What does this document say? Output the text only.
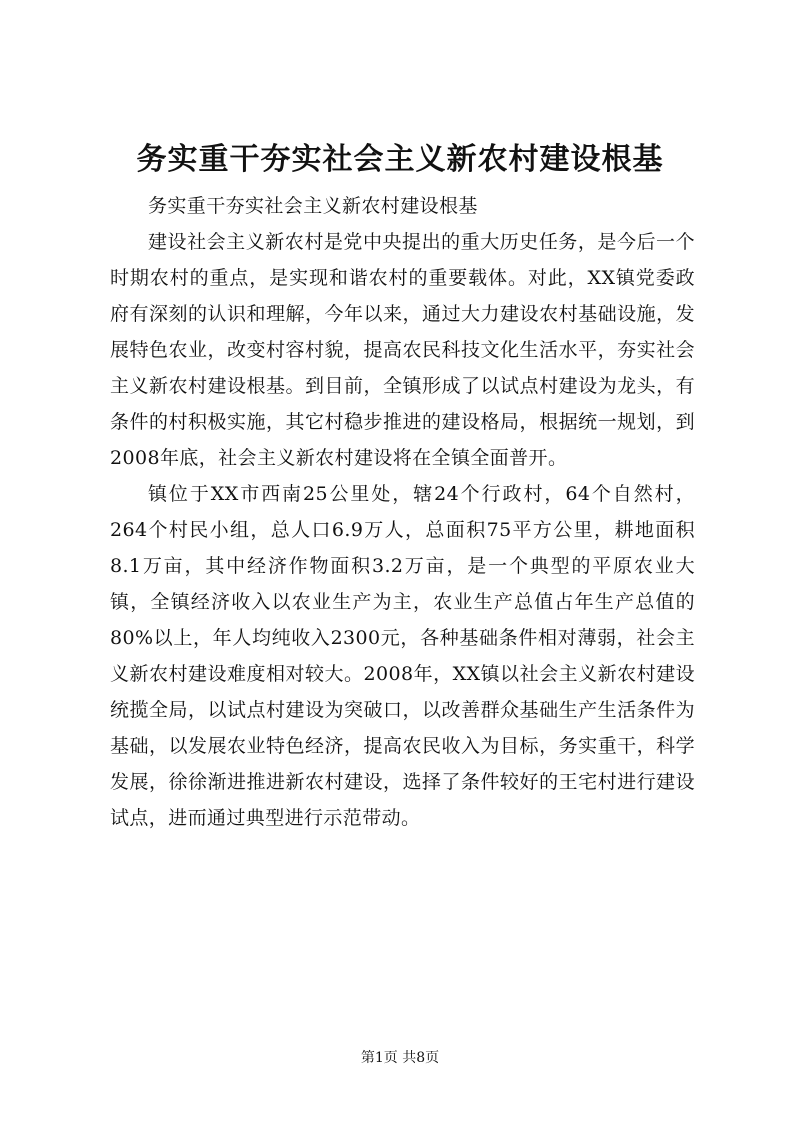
务实重干夯实社会主义新农村建设根基

务实重干夯实社会主义新农村建设根基

建设社会主义新农村是党中央提出的重大历史任务，是今后一个时期农村的重点，是实现和谐农村的重要载体。对此，XX镇党委政府有深刻的认识和理解，今年以来，通过大力建设农村基础设施，发展特色农业，改变村容村貌，提高农民科技文化生活水平，夯实社会主义新农村建设根基。到目前，全镇形成了以试点村建设为龙头，有条件的村积极实施，其它村稳步推进的建设格局，根据统一规划，到2008年底，社会主义新农村建设将在全镇全面普开。

镇位于XX市西南25公里处，辖24个行政村，64个自然村，264个村民小组，总人口6.9万人，总面积75平方公里，耕地面积8.1万亩，其中经济作物面积3.2万亩，是一个典型的平原农业大镇，全镇经济收入以农业生产为主，农业生产总值占年生产总值的80%以上，年人均纯收入2300元，各种基础条件相对薄弱，社会主义新农村建设难度相对较大。2008年，XX镇以社会主义新农村建设统揽全局，以试点村建设为突破口，以改善群众基础生产生活条件为基础，以发展农业特色经济，提高农民收入为目标，务实重干，科学发展，徐徐渐进推进新农村建设，选择了条件较好的王宅村进行建设试点，进而通过典型进行示范带动。

第1页 共8页
